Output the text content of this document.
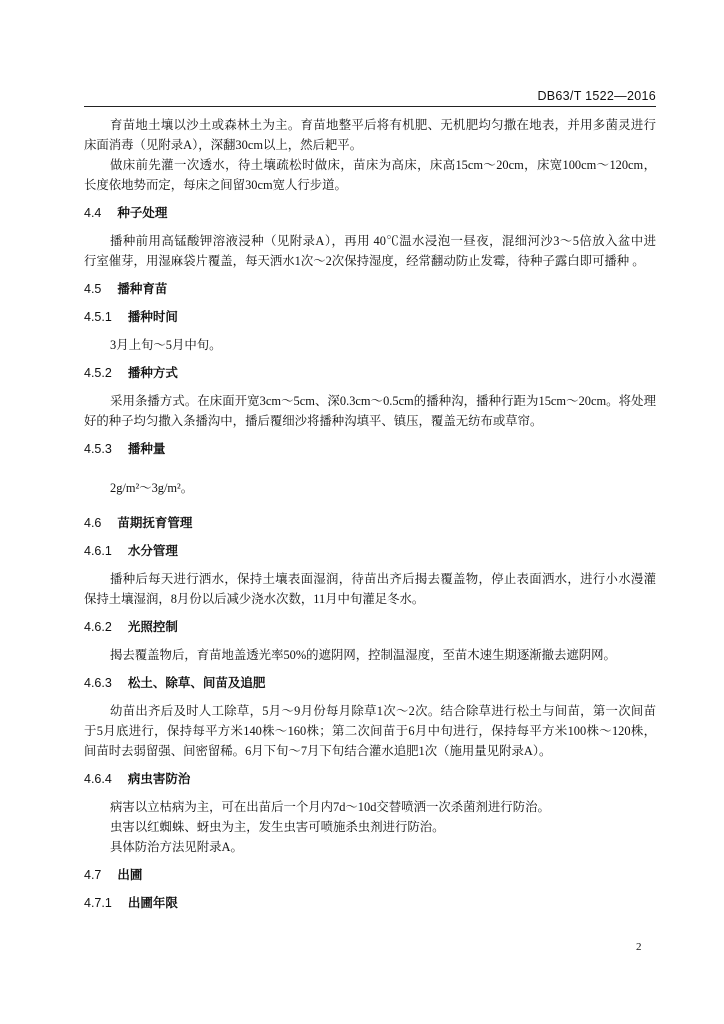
DB63/T 1522—2016
育苗地土壤以沙土或森林土为主。育苗地整平后将有机肥、无机肥均匀撒在地表，并用多菌灵进行
床面消毒（见附录A），深翻30cm以上，然后耙平。
做床前先灌一次透水，待土壤疏松时做床，苗床为高床，床高15cm～20cm，床宽100cm～120cm，
长度依地势而定，每床之间留30cm宽人行步道。
4.4 种子处理
播种前用高锰酸钾溶液浸种（见附录A），再用 40℃温水浸泡一昼夜，混细河沙3～5倍放入盆中进
行室催芽，用湿麻袋片覆盖，每天洒水1次～2次保持湿度，经常翻动防止发霉，待种子露白即可播种 。
4.5 播种育苗
4.5.1 播种时间
3月上旬～5月中旬。
4.5.2 播种方式
采用条播方式。在床面开宽3cm～5cm、深0.3cm～0.5cm的播种沟，播种行距为15cm～20cm。将处理
好的种子均匀撒入条播沟中，播后覆细沙将播种沟填平、镇压，覆盖无纺布或草帘。
4.5.3 播种量
2g/m²～3g/m²。
4.6 苗期抚育管理
4.6.1 水分管理
播种后每天进行洒水，保持土壤表面湿润，待苗出齐后揭去覆盖物，停止表面洒水，进行小水漫灌
保持土壤湿润，8月份以后减少浇水次数，11月中旬灌足冬水。
4.6.2 光照控制
揭去覆盖物后，育苗地盖透光率50%的遮阴网，控制温湿度，至苗木速生期逐渐撤去遮阴网。
4.6.3 松土、除草、间苗及追肥
幼苗出齐后及时人工除草，5月～9月份每月除草1次～2次。结合除草进行松土与间苗，第一次间苗
于5月底进行，保持每平方米140株～160株；第二次间苗于6月中旬进行，保持每平方米100株～120株，
间苗时去弱留强、间密留稀。6月下旬～7月下旬结合灌水追肥1次（施用量见附录A）。
4.6.4 病虫害防治
病害以立枯病为主，可在出苗后一个月内7d～10d交替喷洒一次杀菌剂进行防治。
虫害以红蜘蛛、蚜虫为主，发生虫害可喷施杀虫剂进行防治。
具体防治方法见附录A。
4.7 出圃
4.7.1 出圃年限
2
